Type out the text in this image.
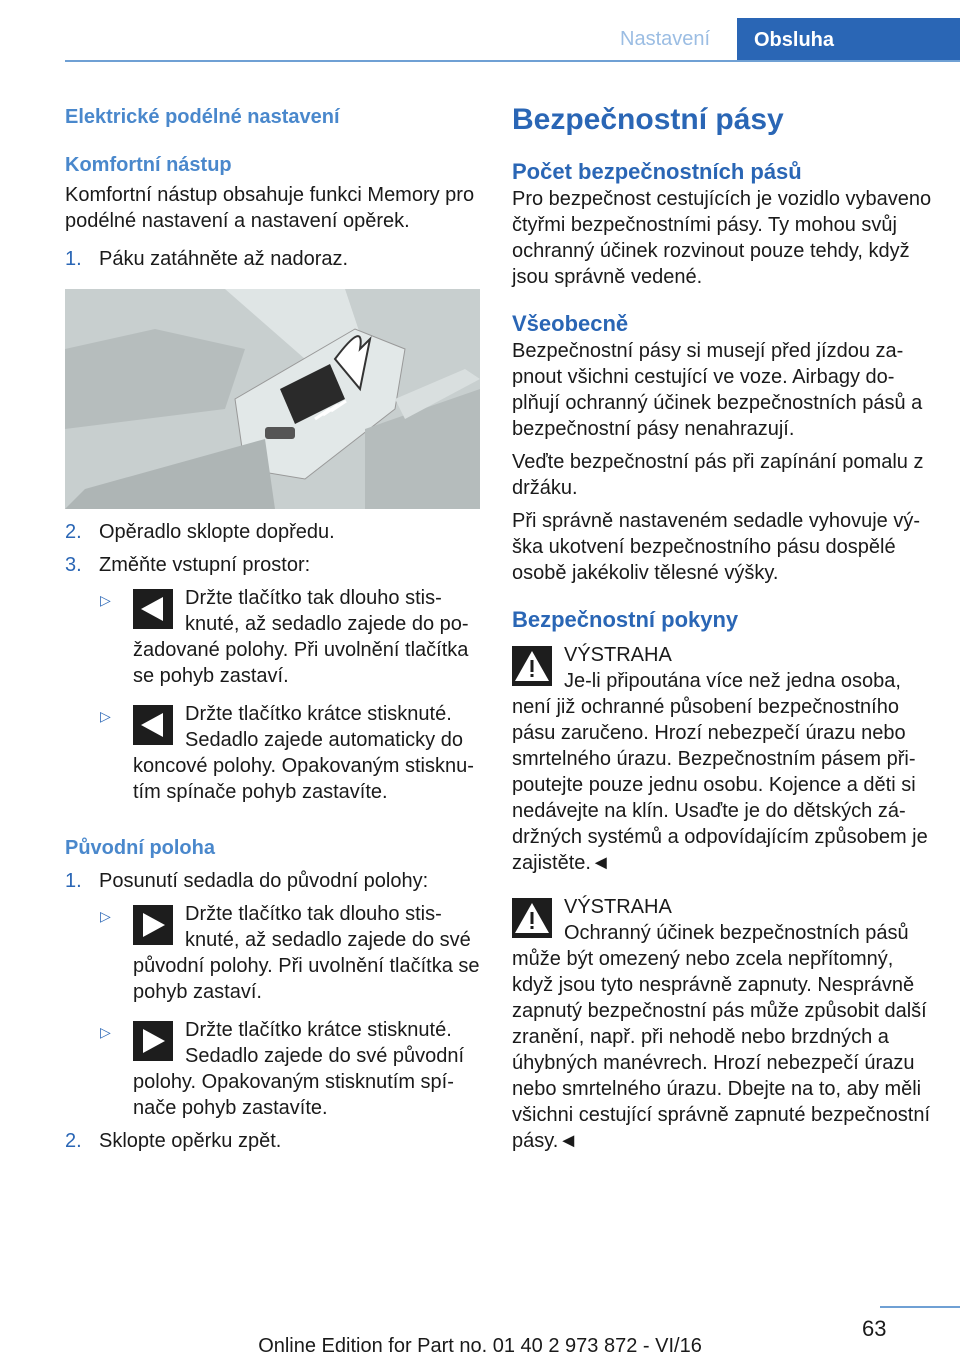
Nastavení	Obsluha
Elektrické podélné nastavení
Komfortní nástup

Komfortní nástup obsahuje funkci Memory pro podélné nastavení a nastavení opěrek.

1. Páku zatáhněte až nadoraz.
2. Opěradlo sklopte dopředu.
3. Změňte vstupní prostor:
▷	Držte tlačítko tak dlouho stis-knuté, až sedadlo zajede do po-žadované polohy. Při uvolnění tlačítka se pohyb zastaví.
▷	Držte tlačítko krátce stisknuté. Sedadlo zajede automaticky do koncové polohy. Opakovaným stisknu-tím spínače pohyb zastavíte.
Původní poloha
1. Posunutí sedadla do původní polohy:
▷	Držte tlačítko tak dlouho stis-knuté, až sedadlo zajede do své původní polohy. Při uvolnění tlačítka se pohyb zastaví.
▷	Držte tlačítko krátce stisknuté. Sedadlo zajede do své původní polohy. Opakovaným stisknutím spí-nače pohyb zastavíte.
2. Sklopte opěrku zpět.
Bezpečnostní pásy
Počet bezpečnostních pásů

Pro bezpečnost cestujících je vozidlo vybaveno čtyřmi bezpečnostními pásy. Ty mohou svůj ochranný účinek rozvinout pouze tehdy, když jsou správně vedené.

Všeobecně

Bezpečnostní pásy si musejí před jízdou za-pnout všichni cestující ve voze. Airbagy do-plňují ochranný účinek bezpečnostních pásů a bezpečnostní pásy nenahrazují.

Veďte bezpečnostní pás při zapínání pomalu z držáku.

Při správně nastaveném sedadle vyhovuje vý-ška ukotvení bezpečnostního pásu dospělé osobě jakékoliv tělesné výšky.

Bezpečnostní pokyny

VÝSTRAHA

Je-li připoutána více než jedna osoba, není již ochranné působení bezpečnostního pásu zaručeno. Hrozí nebezpečí úrazu nebo smrtelného úrazu. Bezpečnostním pásem při-poutejte pouze jednu osobu. Kojence a děti si nedávejte na klín. Usaďte je do dětských zá-držných systémů a odpovídajícím způsobem je zajistěte.◄

VÝSTRAHA

Ochranný účinek bezpečnostních pásů může být omezený nebo zcela nepřítomný, když jsou tyto nesprávně zapnuty. Nesprávně zapnutý bezpečnostní pás může způsobit další zranění, např. při nehodě nebo brzdných a úhybných manévrech. Hrozí nebezpečí úrazu nebo smrtelného úrazu. Dbejte na to, aby měli všichni cestující správně zapnuté bezpečnostní pásy.◄

63
Online Edition for Part no. 01 40 2 973 872 - VI/16
